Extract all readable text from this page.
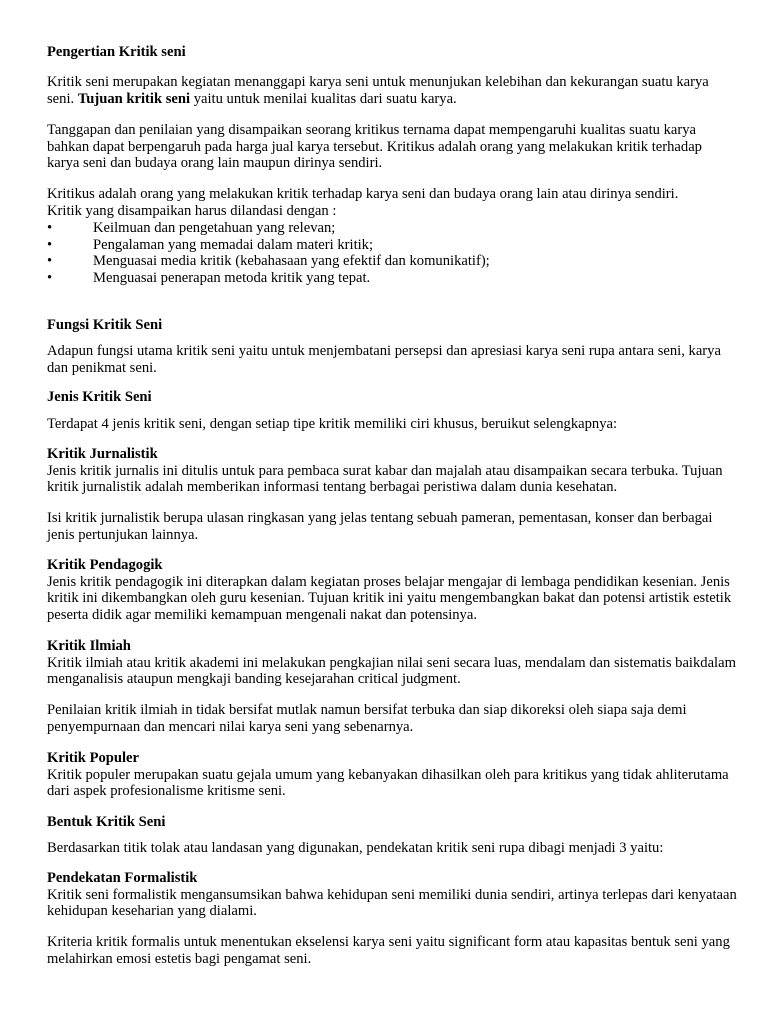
Pengertian Kritik seni
Kritik seni merupakan kegiatan menanggapi karya seni untuk menunjukan kelebihan dan kekurangan suatu karya seni. Tujuan kritik seni yaitu untuk menilai kualitas dari suatu karya.
Tanggapan dan penilaian yang disampaikan seorang kritikus ternama dapat mempengaruhi kualitas suatu karya bahkan dapat berpengaruh pada harga jual karya tersebut. Kritikus adalah orang yang melakukan kritik terhadap karya seni dan budaya orang lain maupun dirinya sendiri.
Kritikus adalah orang yang melakukan kritik terhadap karya seni dan budaya orang lain atau dirinya sendiri.
Kritik yang disampaikan harus dilandasi dengan :
•	Keilmuan dan pengetahuan yang relevan;
•	Pengalaman yang memadai dalam materi kritik;
•	Menguasai media kritik (kebahasaan yang efektif dan komunikatif);
•	Menguasai penerapan metoda kritik yang tepat.
Fungsi Kritik Seni
Adapun fungsi utama kritik seni yaitu untuk menjembatani persepsi dan apresiasi karya seni rupa antara seni, karya dan penikmat seni.
Jenis Kritik Seni
Terdapat 4 jenis kritik seni, dengan setiap tipe kritik memiliki ciri khusus, beruikut selengkapnya:

Kritik Jurnalistik

Jenis kritik jurnalis ini ditulis untuk para pembaca surat kabar dan majalah atau disampaikan secara terbuka. Tujuan kritik jurnalistik adalah memberikan informasi tentang berbagai peristiwa dalam dunia kesehatan.

Isi kritik jurnalistik berupa ulasan ringkasan yang jelas tentang sebuah pameran, pementasan, konser dan berbagai jenis pertunjukan lainnya.

Kritik Pendagogik

Jenis kritik pendagogik ini diterapkan dalam kegiatan proses belajar mengajar di lembaga pendidikan kesenian. Jenis kritik ini dikembangkan oleh guru kesenian. Tujuan kritik ini yaitu mengembangkan bakat dan potensi artistik estetik peserta didik agar memiliki kemampuan mengenali nakat dan potensinya.

Kritik Ilmiah

Kritik ilmiah atau kritik akademi ini melakukan pengkajian nilai seni secara luas, mendalam dan sistematis baikdalam menganalisis ataupun mengkaji banding kesejarahan critical judgment.

Penilaian kritik ilmiah in tidak bersifat mutlak namun bersifat terbuka dan siap dikoreksi oleh siapa saja demi penyempurnaan dan mencari nilai karya seni yang sebenarnya.

Kritik Populer

Kritik populer merupakan suatu gejala umum yang kebanyakan dihasilkan oleh para kritikus yang tidak ahliterutama dari aspek profesionalisme kritisme seni.

Bentuk Kritik Seni
Berdasarkan titik tolak atau landasan yang digunakan, pendekatan kritik seni rupa dibagi menjadi 3 yaitu:

Pendekatan Formalistik

Kritik seni formalistik mengansumsikan bahwa kehidupan seni memiliki dunia sendiri, artinya terlepas dari kenyataan kehidupan keseharian yang dialami.

Kriteria kritik formalis untuk menentukan ekselensi karya seni yaitu significant form atau kapasitas bentuk seni yang melahirkan emosi estetis bagi pengamat seni.
